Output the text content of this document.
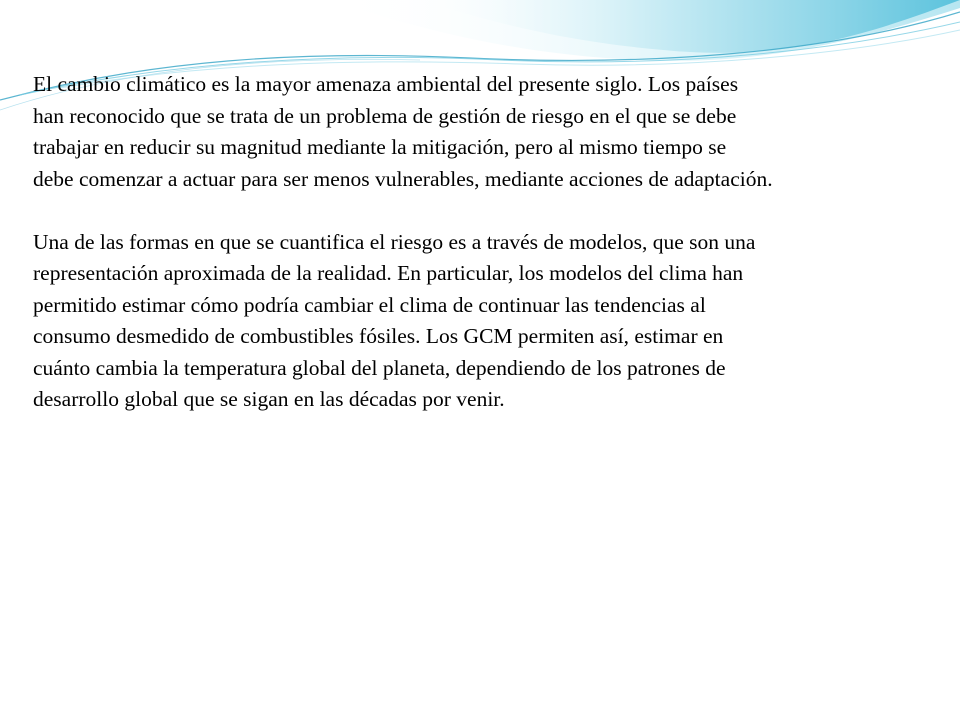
El cambio climático es la mayor amenaza ambiental del presente siglo. Los países
han reconocido que se trata de un problema de gestión de riesgo en el que se debe
trabajar en reducir su magnitud mediante la mitigación, pero al mismo tiempo se
debe comenzar a actuar para ser menos vulnerables, mediante acciones de adaptación.

Una de las formas en que se cuantifica el riesgo es a través de modelos, que son una
representación aproximada de la realidad. En particular, los modelos del clima han
permitido estimar cómo podría cambiar el clima de continuar las tendencias al
consumo desmedido de combustibles fósiles. Los GCM permiten así, estimar en
cuánto cambia la temperatura global del planeta, dependiendo de los patrones de
desarrollo global que se sigan en las décadas por venir.
